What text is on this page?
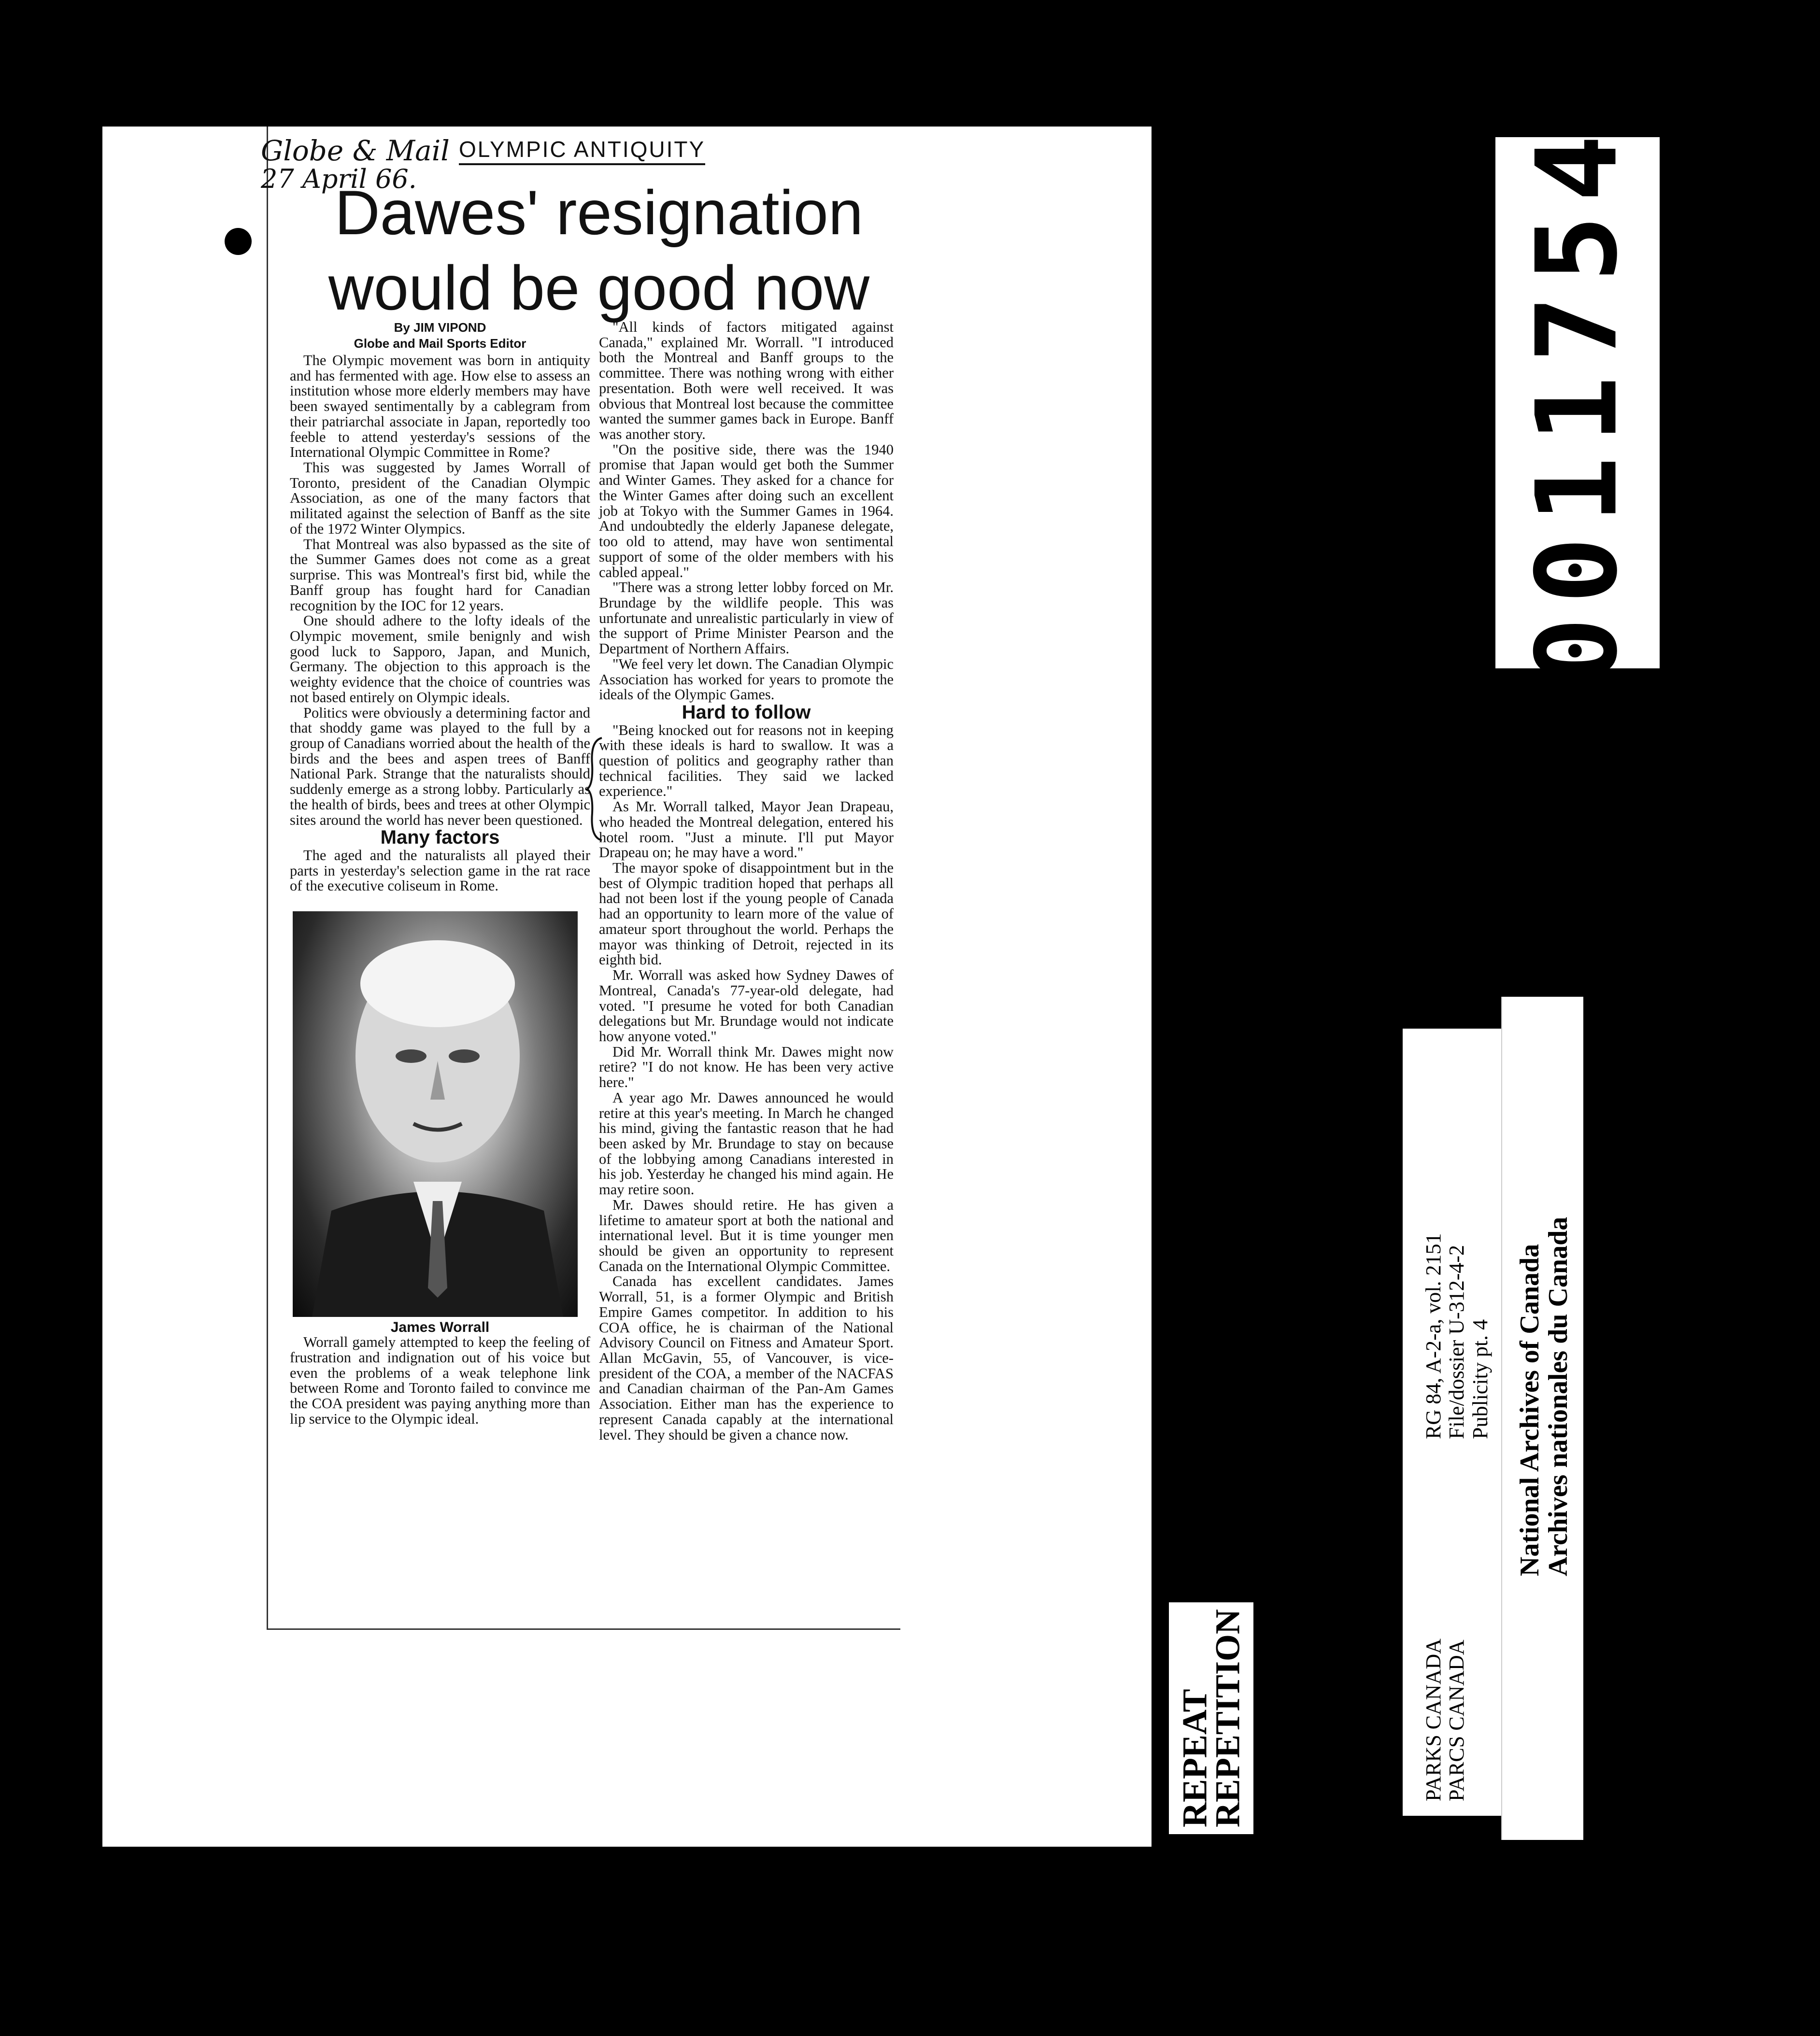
Globe & Mail
27 April 66.
OLYMPIC ANTIQUITY
Dawes' resignation
would be good now
By JIM VIPOND
Globe and Mail Sports Editor

The Olympic movement was born in antiquity and has fermented with age. How else to assess an institution whose more elderly members may have been swayed sentimentally by a cablegram from their patriarchal associate in Japan, reportedly too feeble to attend yesterday's sessions of the International Olympic Committee in Rome?

This was suggested by James Worrall of Toronto, president of the Canadian Olympic Association, as one of the many factors that militated against the selection of Banff as the site of the 1972 Winter Olympics.

That Montreal was also bypassed as the site of the Summer Games does not come as a great surprise. This was Montreal's first bid, while the Banff group has fought hard for Canadian recognition by the IOC for 12 years.

One should adhere to the lofty ideals of the Olympic movement, smile benignly and wish good luck to Sapporo, Japan, and Munich, Germany. The objection to this approach is the weighty evidence that the choice of countries was not based entirely on Olympic ideals.

Politics were obviously a determining factor and that shoddy game was played to the full by a group of Canadians worried about the health of the birds and the bees and aspen trees of Banff National Park. Strange that the naturalists should suddenly emerge as a strong lobby. Particularly as the health of birds, bees and trees at other Olympic sites around the world has never been questioned.

Many factors

The aged and the naturalists all played their parts in yesterday's selection game in the rat race of the executive coliseum in Rome.

James Worrall

Worrall gamely attempted to keep the feeling of frustration and indignation out of his voice but even the problems of a weak telephone link between Rome and Toronto failed to convince me the COA president was paying anything more than lip service to the Olympic ideal.

"All kinds of factors mitigated against Canada," explained Mr. Worrall. "I introduced both the Montreal and Banff groups to the committee. There was nothing wrong with either presentation. Both were well received. It was obvious that Montreal lost because the committee wanted the summer games back in Europe. Banff was another story.

"On the positive side, there was the 1940 promise that Japan would get both the Summer and Winter Games. They asked for a chance for the Winter Games after doing such an excellent job at Tokyo with the Summer Games in 1964. And undoubtedly the elderly Japanese delegate, too old to attend, may have won sentimental support of some of the older members with his cabled appeal."

"There was a strong letter lobby forced on Mr. Brundage by the wildlife people. This was unfortunate and unrealistic particularly in view of the support of Prime Minister Pearson and the Department of Northern Affairs.

"We feel very let down. The Canadian Olympic Association has worked for years to promote the ideals of the Olympic Games.

Hard to follow

"Being knocked out for reasons not in keeping with these ideals is hard to swallow. It was a question of politics and geography rather than technical facilities. They said we lacked experience."

As Mr. Worrall talked, Mayor Jean Drapeau, who headed the Montreal delegation, entered his hotel room. "Just a minute. I'll put Mayor Drapeau on; he may have a word."

The mayor spoke of disappointment but in the best of Olympic tradition hoped that perhaps all had not been lost if the young people of Canada had an opportunity to learn more of the value of amateur sport throughout the world. Perhaps the mayor was thinking of Detroit, rejected in its eighth bid.

Mr. Worrall was asked how Sydney Dawes of Montreal, Canada's 77-year-old delegate, had voted. "I presume he voted for both Canadian delegations but Mr. Brundage would not indicate how anyone voted."

Did Mr. Worrall think Mr. Dawes might now retire? "I do not know. He has been very active here."

A year ago Mr. Dawes announced he would retire at this year's meeting. In March he changed his mind, giving the fantastic reason that he had been asked by Mr. Brundage to stay on because of the lobbying among Canadians interested in his job. Yesterday he changed his mind again. He may retire soon.

Mr. Dawes should retire. He has given a lifetime to amateur sport at both the national and international level. But it is time younger men should be given an opportunity to represent Canada on the International Olympic Committee.

Canada has excellent candidates. James Worrall, 51, is a former Olympic and British Empire Games competitor. In addition to his COA office, he is chairman of the National Advisory Council on Fitness and Amateur Sport. Allan McGavin, 55, of Vancouver, is vice-president of the COA, a member of the NACFAS and Canadian chairman of the Pan-Am Games Association. Either man has the experience to represent Canada capably at the international level. They should be given a chance now.

0011754
REPEAT
REPETITION
RG 84, A-2-a, vol. 2151 File/dossier U-312-4-2 Publicity pt. 4
PARKS CANADA PARCS CANADA
National Archives of Canada
Archives nationales du Canada
